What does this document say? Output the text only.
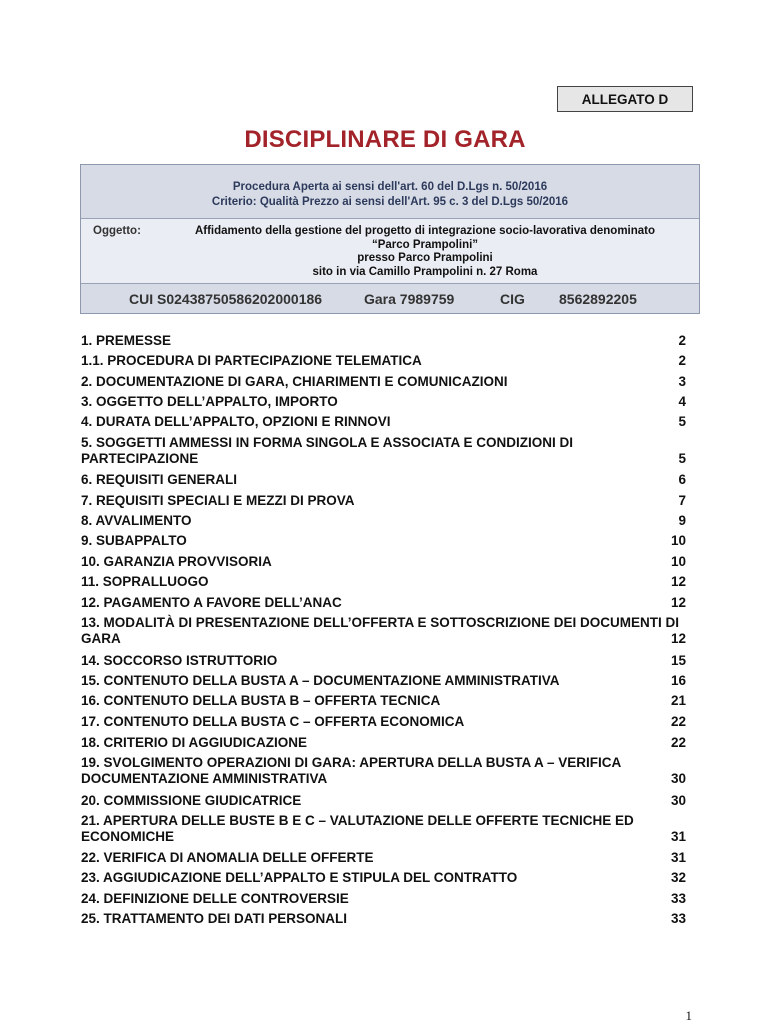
ALLEGATO D
DISCIPLINARE DI GARA
Procedura Aperta ai sensi dell'art. 60 del D.Lgs n. 50/2016
Criterio: Qualità Prezzo ai sensi dell'Art. 95 c. 3 del D.Lgs 50/2016
Oggetto:	Affidamento della gestione del progetto di integrazione socio-lavorativa denominato
“Parco Prampolini”
presso Parco Prampolini
sito in via Camillo Prampolini n. 27 Roma
CUI S02438750586202000186	Gara 7989759	CIG 8562892205
1. PREMESSE	2
1.1. PROCEDURA DI PARTECIPAZIONE TELEMATICA	2
2. DOCUMENTAZIONE DI GARA, CHIARIMENTI E COMUNICAZIONI	3
3. OGGETTO DELL’APPALTO, IMPORTO	4
4. DURATA DELL’APPALTO, OPZIONI E RINNOVI	5
5. SOGGETTI AMMESSI IN FORMA SINGOLA E ASSOCIATA E CONDIZIONI DI PARTECIPAZIONE	5
6. REQUISITI GENERALI	6
7. REQUISITI SPECIALI E MEZZI DI PROVA	7
8. AVVALIMENTO	9
9. SUBAPPALTO	10
10. GARANZIA PROVVISORIA	10
11. SOPRALLUOGO	12
12. PAGAMENTO A FAVORE DELL’ANAC	12
13. MODALITÀ DI PRESENTAZIONE DELL’OFFERTA E SOTTOSCRIZIONE DEI DOCUMENTI DI GARA	12
14. SOCCORSO ISTRUTTORIO	15
15. CONTENUTO DELLA BUSTA A – DOCUMENTAZIONE AMMINISTRATIVA	16
16. CONTENUTO DELLA BUSTA B – OFFERTA TECNICA	21
17. CONTENUTO DELLA BUSTA C – OFFERTA ECONOMICA	22
18. CRITERIO DI AGGIUDICAZIONE	22
19. SVOLGIMENTO OPERAZIONI DI GARA: APERTURA DELLA BUSTA A – VERIFICA DOCUMENTAZIONE AMMINISTRATIVA	30
20. COMMISSIONE GIUDICATRICE	30
21. APERTURA DELLE BUSTE B E C – VALUTAZIONE DELLE OFFERTE TECNICHE ED ECONOMICHE	31
22. VERIFICA DI ANOMALIA DELLE OFFERTE	31
23. AGGIUDICAZIONE DELL’APPALTO E STIPULA DEL CONTRATTO	32
24. DEFINIZIONE DELLE CONTROVERSIE	33
25. TRATTAMENTO DEI DATI PERSONALI	33
1
